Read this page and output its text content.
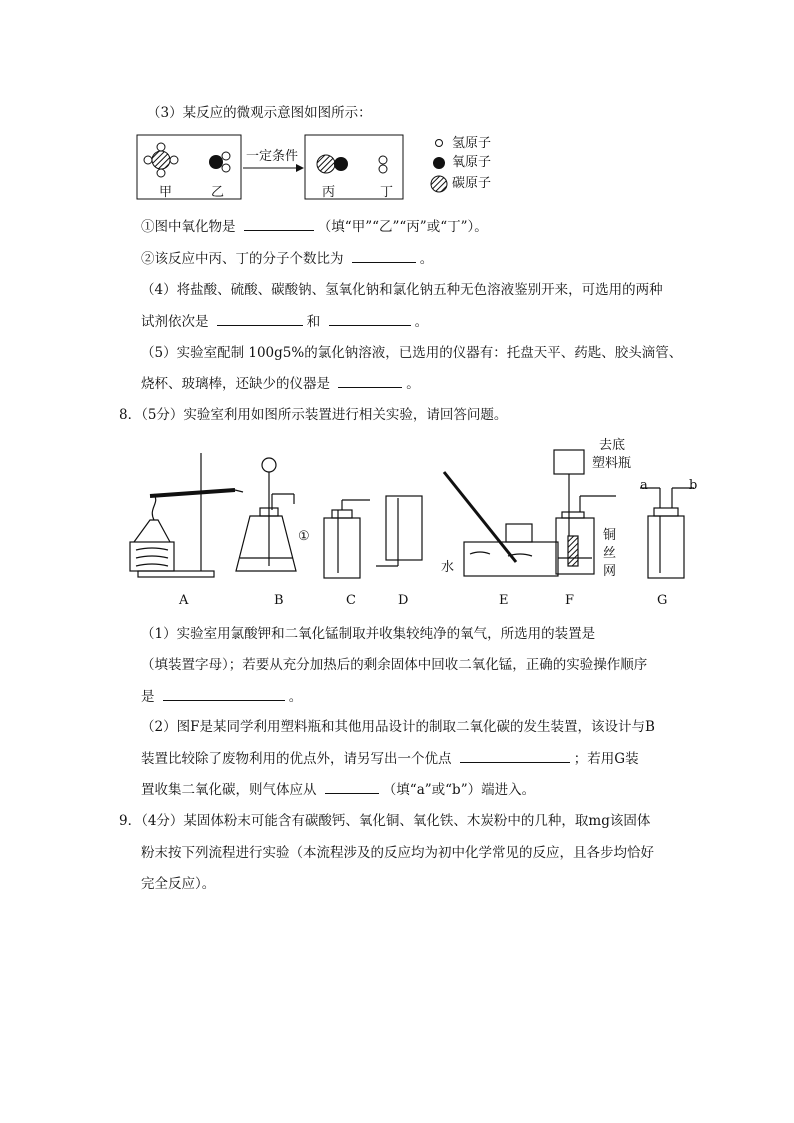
（3）某反应的微观示意图如图所示：
甲	乙	丙	丁
一定条件
氢原子
氧原子
碳原子
①图中氧化物是	（填“甲”“乙”“丙”或“丁”）。
②该反应中丙、丁的分子个数比为	。
（4）将盐酸、硫酸、碳酸钠、氢氧化钠和氯化钠五种无色溶液鉴别开来，可选用的两种
试剂依次是	和	。
（5）实验室配制 100g5%的氯化钠溶液，已选用的仪器有：托盘天平、药匙、胶头滴管、
烧杯、玻璃棒，还缺少的仪器是	。
8．（5分）实验室利用如图所示装置进行相关实验，请回答问题。
A	B	C	D	E	F	G
去底
塑料瓶
铜
丝
网
①
水
a	b
（1）实验室用氯酸钾和二氧化锰制取并收集较纯净的氧气，所选用的装置是
（填装置字母）；若要从充分加热后的剩余固体中回收二氧化锰，正确的实验操作顺序
是	。
（2）图F是某同学利用塑料瓶和其他用品设计的制取二氧化碳的发生装置，该设计与B
装置比较除了废物利用的优点外，请另写出一个优点	；若用G装
置收集二氧化碳，则气体应从	（填“a”或“b”）端进入。
9．（4分）某固体粉末可能含有碳酸钙、氧化铜、氧化铁、木炭粉中的几种，取mg该固体
粉末按下列流程进行实验（本流程涉及的反应均为初中化学常见的反应，且各步均恰好
完全反应）。
